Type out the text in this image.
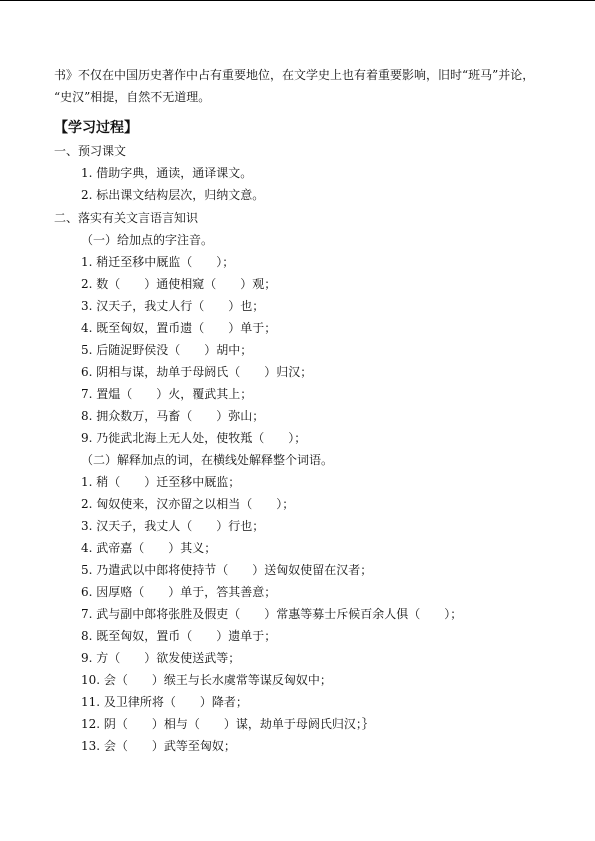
书》不仅在中国历史著作中占有重要地位，在文学史上也有着重要影响，旧时“班马”并论，
“史汉”相提，自然不无道理。

【学习过程】

一、预习课文

1. 借助字典，通读，通译课文。

2. 标出课文结构层次，归纳文意。

二、落实有关文言语言知识

（一）给加点的字注音。

1. 稍迁至移中厩监（　　）；

2. 数（　　）通使相窥（　　）观；

3. 汉天子，我丈人行（　　）也；

4. 既至匈奴，置币遗（　　）单于；

5. 后随浞野侯没（　　）胡中；

6. 阴相与谋，劫单于母阏氏（　　）归汉；

7. 置煴（　　）火，覆武其上；

8. 拥众数万，马畜（　　）弥山；

9. 乃徙武北海上无人处，使牧羝（　　）；

（二）解释加点的词，在横线处解释整个词语。

1. 稍（　　）迁至移中厩监；

2. 匈奴使来，汉亦留之以相当（　　）；

3. 汉天子，我丈人（　　）行也；

4. 武帝嘉（　　）其义；

5. 乃遣武以中郎将使持节（　　）送匈奴使留在汉者；

6. 因厚赂（　　）单于，答其善意；

7. 武与副中郎将张胜及假吏（　　）常惠等募士斥候百余人俱（　　）；

8. 既至匈奴，置币（　　）遗单于；

9. 方（　　）欲发使送武等；

10. 会（　　）缑王与长水虞常等谋反匈奴中；

11. 及卫律所将（　　）降者；

12. 阴（　　）相与（　　）谋，劫单于母阏氏归汉；｝

13. 会（　　）武等至匈奴；
